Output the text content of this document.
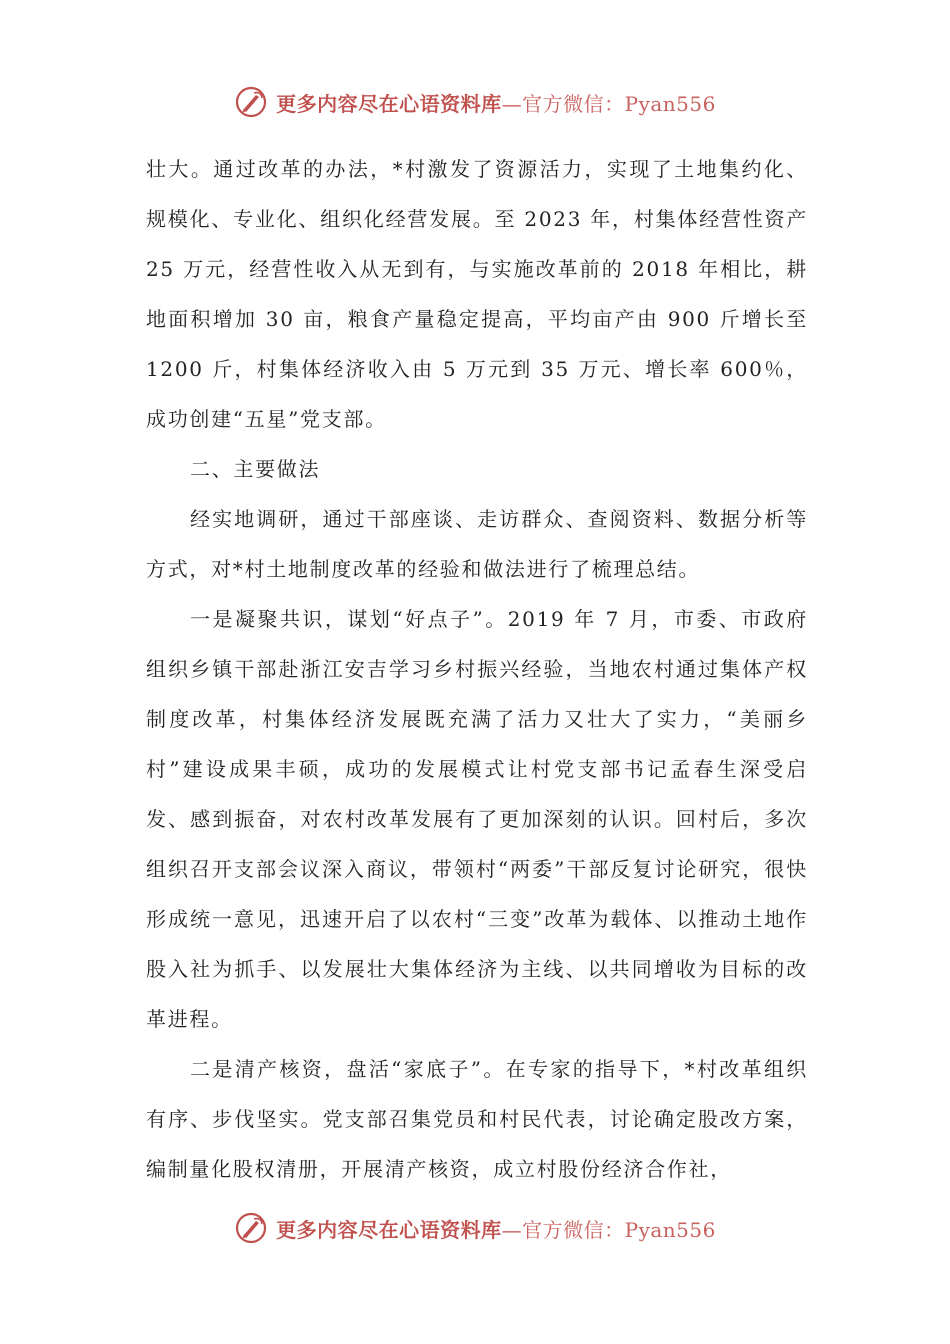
更多内容尽在心语资料库—官方微信：Pyan556

壮大。通过改革的办法，*村激发了资源活力，实现了土地集约化、规模化、专业化、组织化经营发展。至 2023 年，村集体经营性资产 25 万元，经营性收入从无到有，与实施改革前的 2018 年相比，耕地面积增加 30 亩，粮食产量稳定提高，平均亩产由 900 斤增长至 1200 斤，村集体经济收入由 5 万元到 35 万元、增长率 600％，成功创建“五星”党支部。

二、主要做法

经实地调研，通过干部座谈、走访群众、查阅资料、数据分析等方式，对*村土地制度改革的经验和做法进行了梳理总结。

一是凝聚共识，谋划“好点子”。2019 年 7 月，市委、市政府组织乡镇干部赴浙江安吉学习乡村振兴经验，当地农村通过集体产权制度改革，村集体经济发展既充满了活力又壮大了实力，“美丽乡村”建设成果丰硕，成功的发展模式让村党支部书记孟春生深受启发、感到振奋，对农村改革发展有了更加深刻的认识。回村后，多次组织召开支部会议深入商议，带领村“两委”干部反复讨论研究，很快形成统一意见，迅速开启了以农村“三变”改革为载体、以推动土地作股入社为抓手、以发展壮大集体经济为主线、以共同增收为目标的改革进程。

二是清产核资，盘活“家底子”。在专家的指导下，*村改革组织有序、步伐坚实。党支部召集党员和村民代表，讨论确定股改方案，编制量化股权清册，开展清产核资，成立村股份经济合作社，

更多内容尽在心语资料库—官方微信：Pyan556
